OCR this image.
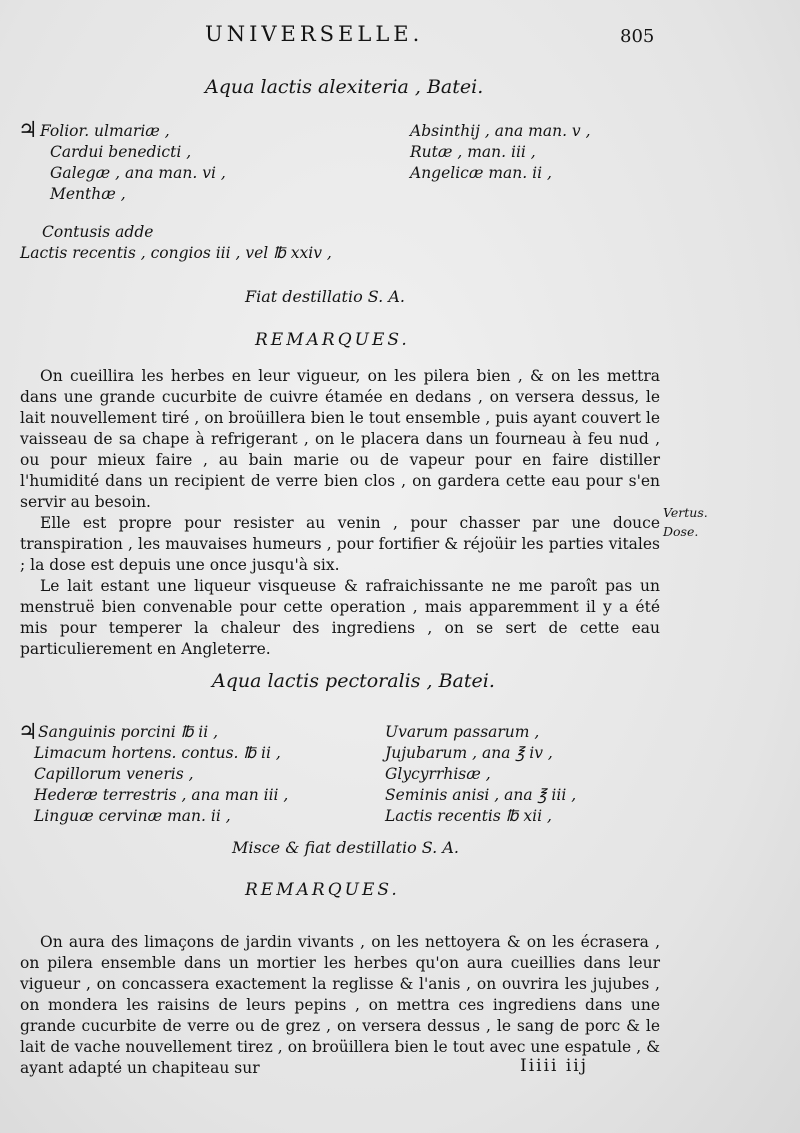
UNIVERSELLE.	805
Aqua lactis alexiteria , Batei.
♃ Folior. ulmariæ ,
Cardui benedicti ,
Galegæ , ana man. vi ,
Menthæ ,
Absinthij , ana man. v ,
Rutæ , man. iii ,
Angelicæ man. ii ,
Contusis adde
Lactis recentis , congios iii , vel ℔ xxiv ,
Fiat destillatio S. A.
REMARQUES.

On cueillira les herbes en leur vigueur, on les pilera bien , & on les mettra dans une grande cucurbite de cuivre étamée en dedans , on versera dessus, le lait nouvellement tiré , on broüillera bien le tout ensemble , puis ayant couvert le vaisseau de sa chape à refrigerant , on le placera dans un fourneau à feu nud , ou pour mieux faire , au bain marie ou de vapeur pour en faire distiller l'humidité dans un recipient de verre bien clos , on gardera cette eau pour s'en servir au besoin.

Elle est propre pour resister au venin , pour chasser par une douce transpiration , les mauvaises humeurs , pour fortifier & réjoüir les parties vitales ; la dose est depuis une once jusqu'à six.

Le lait estant une liqueur visqueuse & rafraichissante ne me paroît pas un menstruë bien convenable pour cette operation , mais apparemment il y a été mis pour temperer la chaleur des ingrediens , on se sert de cette eau particulierement en Angleterre.

Vertus.
Dose.
Aqua lactis pectoralis , Batei.
♃ Sanguinis porcini ℔ ii ,
Limacum hortens. contus. ℔ ii ,
Capillorum veneris ,
Hederæ terrestris , ana man iii ,
Linguæ cervinæ man. ii ,
Uvarum passarum ,
Jujubarum , ana ℥ iv ,
Glycyrrhisæ ,
Seminis anisi , ana ℥ iii ,
Lactis recentis ℔ xii ,
Misce & fiat destillatio S. A.
REMARQUES.

On aura des limaçons de jardin vivants , on les nettoyera & on les écrasera , on pilera ensemble dans un mortier les herbes qu'on aura cueillies dans leur vigueur , on concassera exactement la reglisse & l'anis , on ouvrira les jujubes , on mondera les raisins de leurs pepins , on mettra ces ingrediens dans une grande cucurbite de verre ou de grez , on versera dessus , le sang de porc & le lait de vache nouvellement tirez , on broüillera bien le tout avec une espatule , & ayant adapté un chapiteau sur	Iiiii iij
